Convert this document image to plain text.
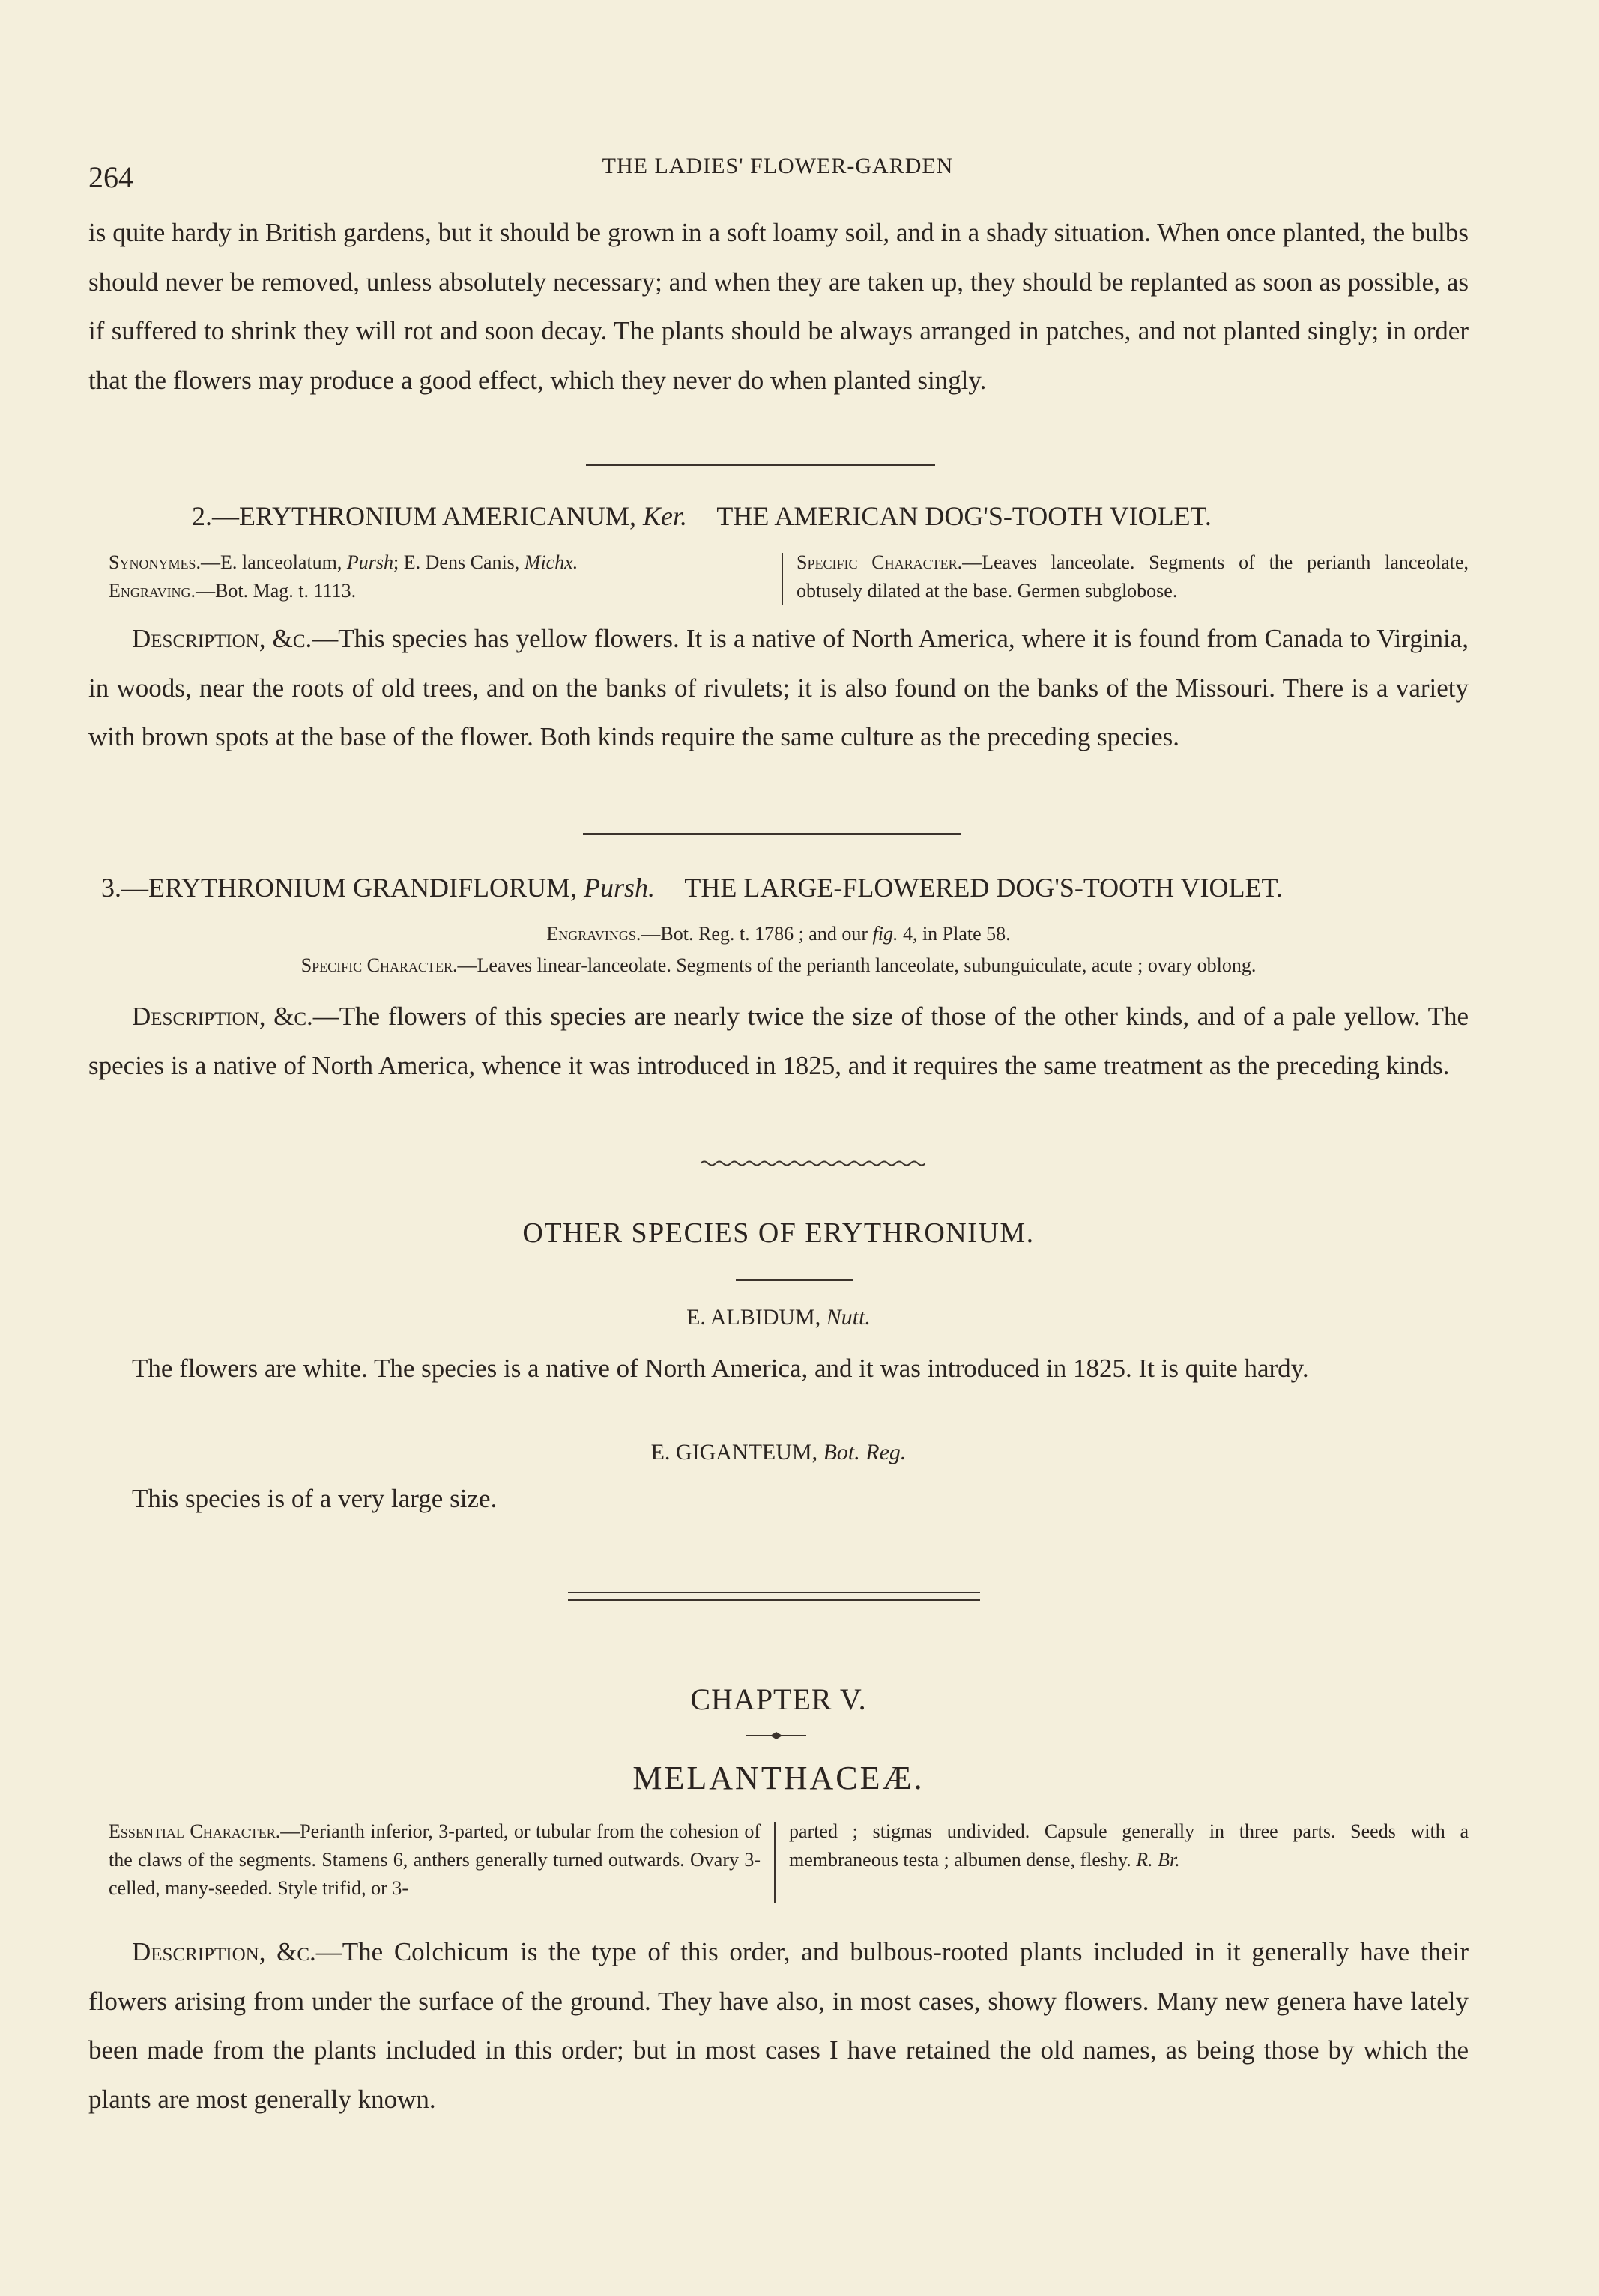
264	THE LADIES' FLOWER-GARDEN
is quite hardy in British gardens, but it should be grown in a soft loamy soil, and in a shady situation. When once planted, the bulbs should never be removed, unless absolutely necessary; and when they are taken up, they should be replanted as soon as possible, as if suffered to shrink they will rot and soon decay. The plants should be always arranged in patches, and not planted singly; in order that the flowers may produce a good effect, which they never do when planted singly.
2.—ERYTHRONIUM AMERICANUM, Ker. THE AMERICAN DOG'S-TOOTH VIOLET.
Synonymes.—E. lanceolatum, Pursh; E. Dens Canis, Michx.
Engraving.—Bot. Mag. t. 1113.
Specific Character.—Leaves lanceolate. Segments of the perianth lanceolate, obtusely dilated at the base. Germen subglobose.
Description, &c.—This species has yellow flowers. It is a native of North America, where it is found from Canada to Virginia, in woods, near the roots of old trees, and on the banks of rivulets; it is also found on the banks of the Missouri. There is a variety with brown spots at the base of the flower. Both kinds require the same culture as the preceding species.
3.—ERYTHRONIUM GRANDIFLORUM, Pursh. THE LARGE-FLOWERED DOG'S-TOOTH VIOLET.
Engravings.—Bot. Reg. t. 1786 ; and our fig. 4, in Plate 58.
Specific Character.—Leaves linear-lanceolate. Segments of the perianth lanceolate, subunguiculate, acute ; ovary oblong.
Description, &c.—The flowers of this species are nearly twice the size of those of the other kinds, and of a pale yellow. The species is a native of North America, whence it was introduced in 1825, and it requires the same treatment as the preceding kinds.
OTHER SPECIES OF ERYTHRONIUM.
E. ALBIDUM, Nutt.
The flowers are white. The species is a native of North America, and it was introduced in 1825. It is quite hardy.
E. GIGANTEUM, Bot. Reg.
This species is of a very large size.
CHAPTER V.
MELANTHACEÆ.
Essential Character.—Perianth inferior, 3-parted, or tubular from the cohesion of the claws of the segments. Stamens 6, anthers generally turned outwards. Ovary 3-celled, many-seeded. Style trifid, or 3-
parted ; stigmas undivided. Capsule generally in three parts. Seeds with a membraneous testa ; albumen dense, fleshy. R. Br.
Description, &c.—The Colchicum is the type of this order, and bulbous-rooted plants included in it generally have their flowers arising from under the surface of the ground. They have also, in most cases, showy flowers. Many new genera have lately been made from the plants included in this order; but in most cases I have retained the old names, as being those by which the plants are most generally known.
